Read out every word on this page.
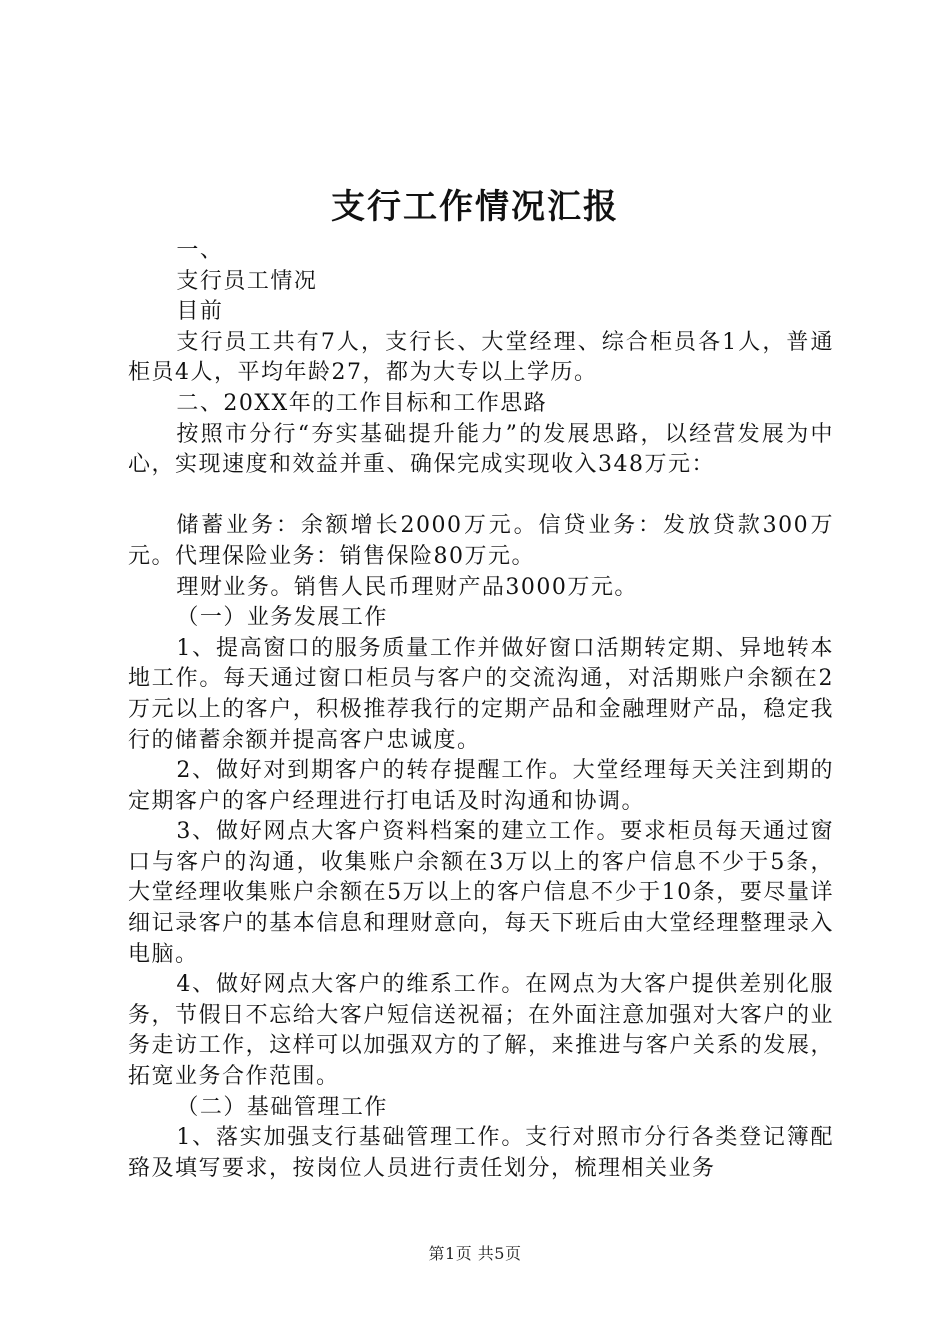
支行工作情况汇报

一、

支行员工情况

目前

支行员工共有7人，支行长、大堂经理、综合柜员各1人，普通柜员4人，平均年龄27，都为大专以上学历。

二、20XX年的工作目标和工作思路

按照市分行“夯实基础提升能力”的发展思路，以经营发展为中心，实现速度和效益并重、确保完成实现收入348万元：

储蓄业务：余额增长2000万元。信贷业务：发放贷款300万元。代理保险业务：销售保险80万元。

理财业务。销售人民币理财产品3000万元。

（一）业务发展工作

1、提高窗口的服务质量工作并做好窗口活期转定期、异地转本地工作。每天通过窗口柜员与客户的交流沟通，对活期账户余额在2万元以上的客户，积极推荐我行的定期产品和金融理财产品，稳定我行的储蓄余额并提高客户忠诚度。

2、做好对到期客户的转存提醒工作。大堂经理每天关注到期的定期客户的客户经理进行打电话及时沟通和协调。

3、做好网点大客户资料档案的建立工作。要求柜员每天通过窗口与客户的沟通，收集账户余额在3万以上的客户信息不少于5条，大堂经理收集账户余额在5万以上的客户信息不少于10条，要尽量详细记录客户的基本信息和理财意向，每天下班后由大堂经理整理录入电脑。

4、做好网点大客户的维系工作。在网点为大客户提供差别化服务，节假日不忘给大客户短信送祝福；在外面注意加强对大客户的业务走访工作，这样可以加强双方的了解，来推进与客户关系的发展，拓宽业务合作范围。

（二）基础管理工作

1、落实加强支行基础管理工作。支行对照市分行各类登记簿配臵及填写要求，按岗位人员进行责任划分，梳理相关业务

第1页 共5页
